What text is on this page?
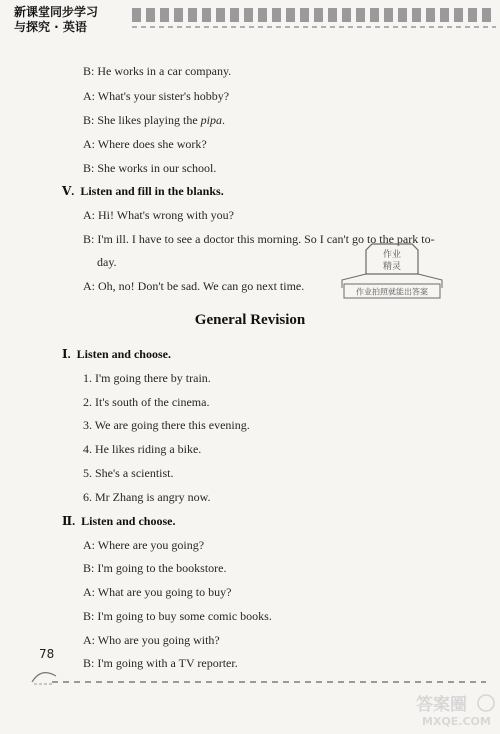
新课堂同步学习
与探究 · 英语
B: He works in a car company.
A: What's your sister's hobby?
B: She likes playing the pipa.
A: Where does she work?
B: She works in our school.
Ⅴ. Listen and fill in the blanks.
A: Hi! What's wrong with you?
B: I'm ill. I have to see a doctor this morning. So I can't go to the park to-
day.
A: Oh, no! Don't be sad. We can go next time.
作业
精灵
作业拍照就能出答案
General Revision
Ⅰ. Listen and choose.
1. I'm going there by train.
2. It's south of the cinema.
3. We are going there this evening.
4. He likes riding a bike.
5. She's a scientist.
6. Mr Zhang is angry now.
Ⅱ. Listen and choose.
A: Where are you going?
B: I'm going to the bookstore.
A: What are you going to buy?
B: I'm going to buy some comic books.
A: Who are you going with?
B: I'm going with a TV reporter.
78
答案圈
MXQE.COM
